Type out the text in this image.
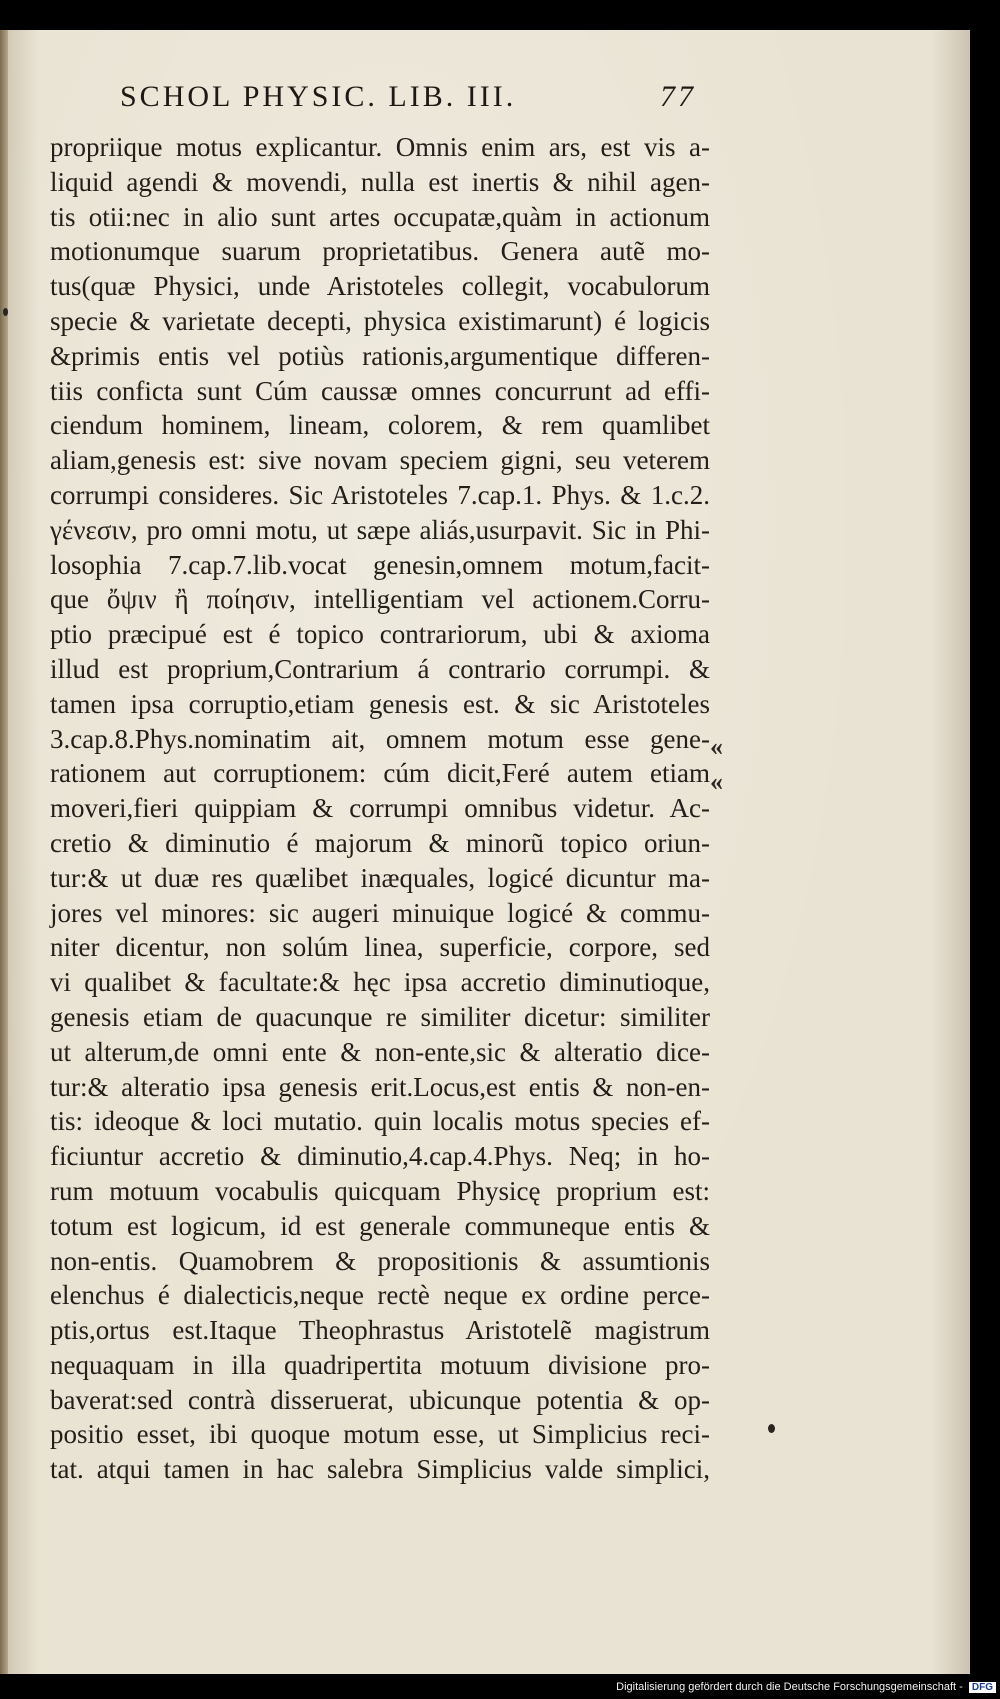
SCHOL PHYSIC. LIB. III.	77
propriique motus explicantur. Omnis enim ars, est vis a-
liquid agendi & movendi, nulla est inertis & nihil agen-
tis otii:nec in alio sunt artes occupatæ,quàm in actionum
motionumque suarum proprietatibus. Genera autẽ mo-
tus(quæ Physici, unde Aristoteles collegit, vocabulorum
specie & varietate decepti, physica existimarunt) é logicis
&primis entis vel potiùs rationis,argumentique differen-
tiis conficta sunt Cúm caussæ omnes concurrunt ad effi-
ciendum hominem, lineam, colorem, & rem quamlibet
aliam,genesis est: sive novam speciem gigni, seu veterem
corrumpi consideres. Sic Aristoteles 7.cap.1. Phys. & 1.c.2.
γένεσιν, pro omni motu, ut sæpe aliás,usurpavit. Sic in Phi-
losophia 7.cap.7.lib.vocat genesin,omnem motum,facit-
que ὄψιν ἢ ποίησιν, intelligentiam vel actionem.Corru-
ptio præcipué est é topico contrariorum, ubi & axioma
illud est proprium,Contrarium á contrario corrumpi. &
tamen ipsa corruptio,etiam genesis est. & sic Aristoteles
3.cap.8.Phys.nominatim ait, omnem motum esse gene-
rationem aut corruptionem: cúm dicit,Feré autem etiam
moveri,fieri quippiam & corrumpi omnibus videtur. Ac-
cretio & diminutio é majorum & minorũ topico oriun-
tur:& ut duæ res quælibet inæquales, logicé dicuntur ma-
jores vel minores: sic augeri minuique logicé & commu-
niter dicentur, non solúm linea, superficie, corpore, sed
vi qualibet & facultate:& hęc ipsa accretio diminutioque,
genesis etiam de quacunque re similiter dicetur: similiter
ut alterum,de omni ente & non-ente,sic & alteratio dice-
tur:& alteratio ipsa genesis erit.Locus,est entis & non-en-
tis: ideoque & loci mutatio. quin localis motus species ef-
ficiuntur accretio & diminutio,4.cap.4.Phys. Neq; in ho-
rum motuum vocabulis quicquam Physicę proprium est:
totum est logicum, id est generale communeque entis &
non-entis. Quamobrem & propositionis & assumtionis
elenchus é dialecticis,neque rectè neque ex ordine perce-
ptis,ortus est.Itaque Theophrastus Aristotelẽ magistrum
nequaquam in illa quadripertita motuum divisione pro-
baverat:sed contrà disseruerat, ubicunque potentia & op-
positio esset, ibi quoque motum esse, ut Simplicius reci-
tat. atqui tamen in hac salebra Simplicius valde simplici,
«
«
Digitalisierung gefördert durch die Deutsche Forschungsgemeinschaft - DFG
